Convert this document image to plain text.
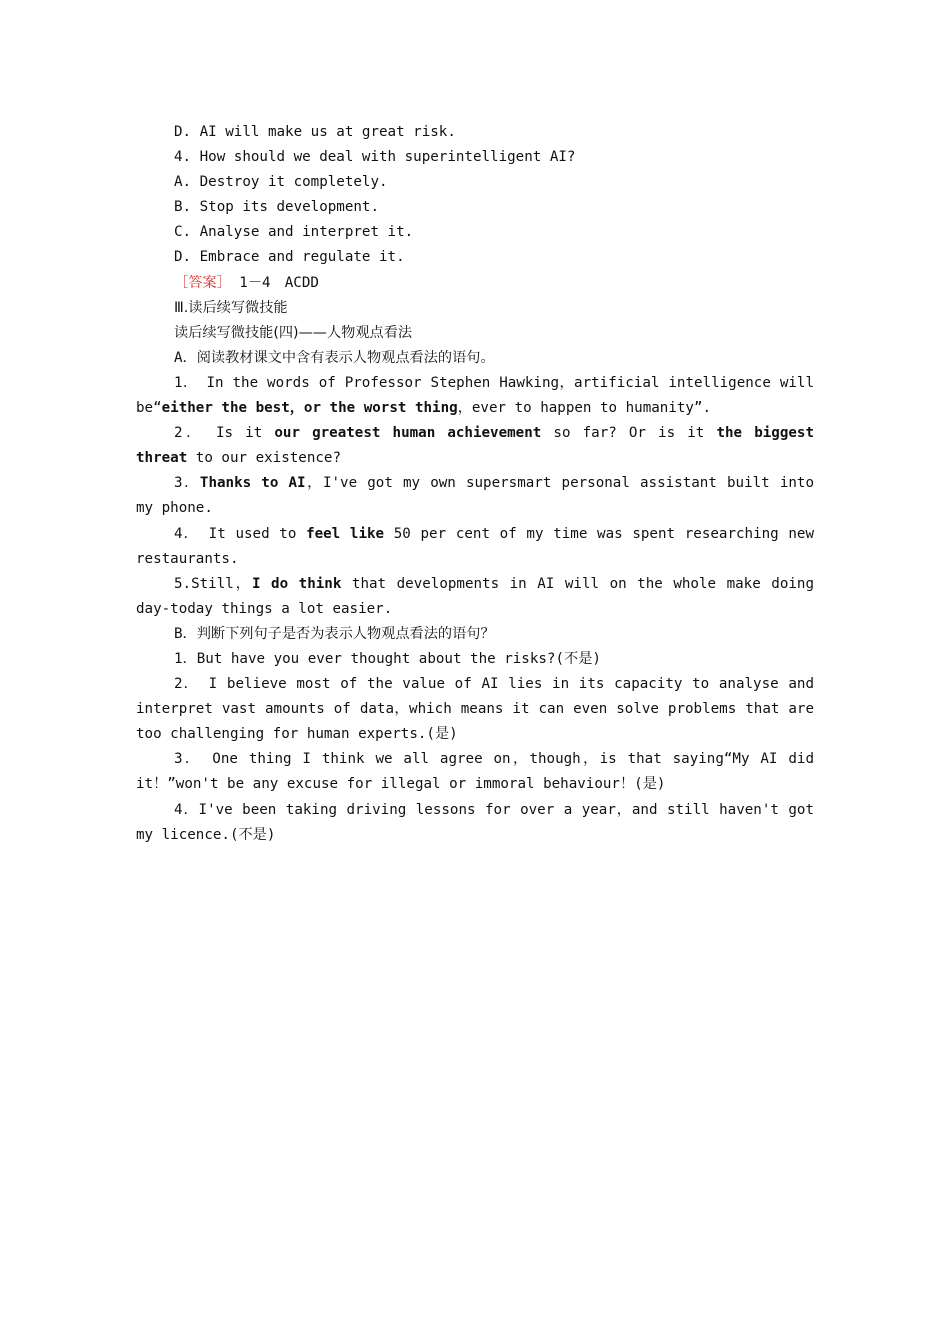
D. AI will make us at great risk.

4. How should we deal with superintelligent AI?

A. Destroy it completely.

B. Stop its development.

C. Analyse and interpret it.

D. Embrace and regulate it.

［答案］ 1－4　ACDD

Ⅲ.读后续写微技能

读后续写微技能(四)——人物观点看法

A．阅读教材课文中含有表示人物观点看法的语句。

1． In the words of Professor Stephen Hawking，artificial intelligence will be“either the best，or the worst thing，ever to happen to humanity”.

2． Is it our greatest human achievement so far? Or is it the biggest threat to our existence?

3．Thanks to AI，I've got my own supersmart personal assistant built into my phone.

4． It used to feel like 50 per cent of my time was spent researching new restaurants.

5.Still，I do think that developments in AI will on the whole make doing day-today things a lot easier.

B．判断下列句子是否为表示人物观点看法的语句？

1．But have you ever thought about the risks?(不是)

2． I believe most of the value of AI lies in its capacity to analyse and interpret vast amounts of data，which means it can even solve problems that are too challenging for human experts.(是)

3． One thing I think we all agree on，though，is that saying“My AI did it！”won't be any excuse for illegal or immoral behaviour！(是)

4．I've been taking driving lessons for over a year，and still haven't got my licence.(不是)
